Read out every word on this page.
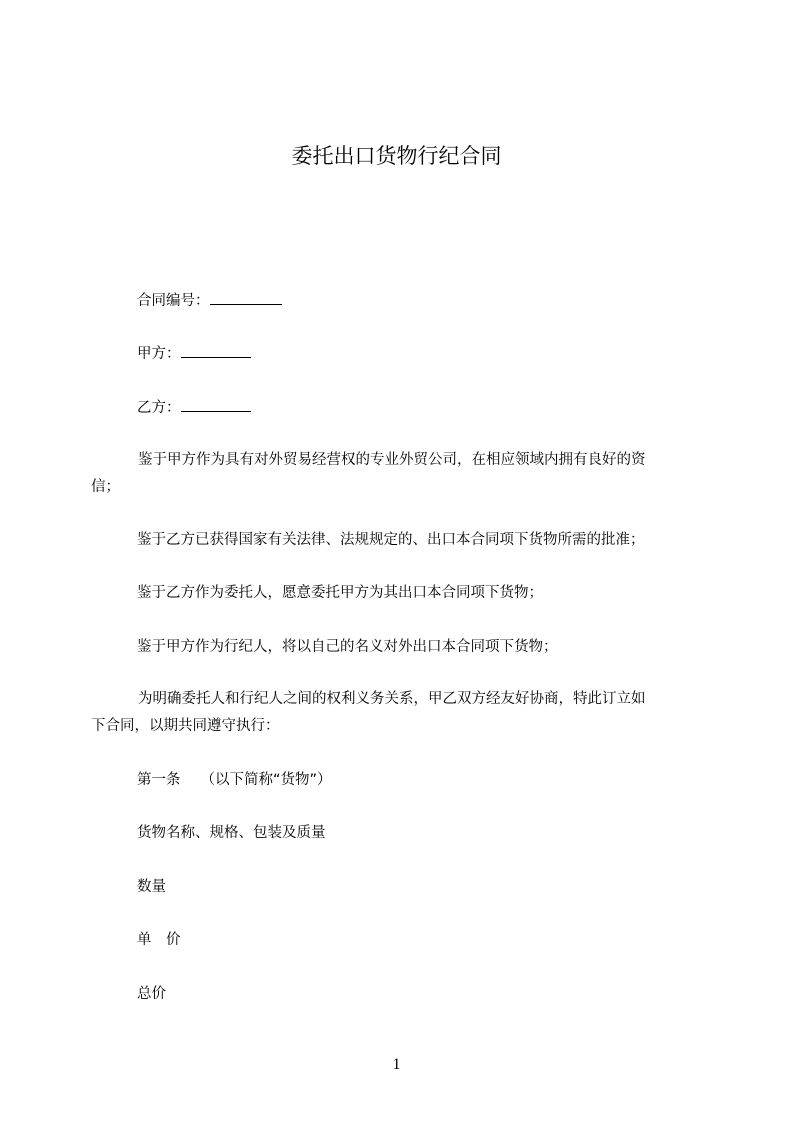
委托出口货物行纪合同
合同编号：
甲方：
乙方：
鉴于甲方作为具有对外贸易经营权的专业外贸公司，在相应领域内拥有良好的资
信；
鉴于乙方已获得国家有关法律、法规规定的、出口本合同项下货物所需的批准；
鉴于乙方作为委托人，愿意委托甲方为其出口本合同项下货物；
鉴于甲方作为行纪人，将以自己的名义对外出口本合同项下货物；
为明确委托人和行纪人之间的权利义务关系，甲乙双方经友好协商，特此订立如
下合同，以期共同遵守执行：
第一条 （以下简称“货物”）
货物名称、规格、包装及质量
数量
单　价
总价
1
